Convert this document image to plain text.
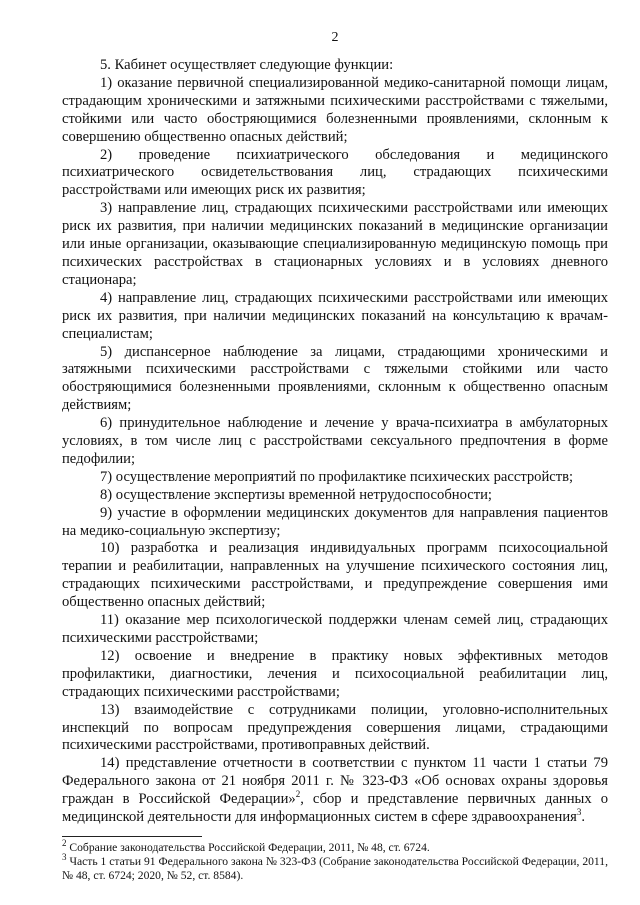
2

5. Кабинет осуществляет следующие функции:

1) оказание первичной специализированной медико-санитарной помощи лицам, страдающим хроническими и затяжными психическими расстройствами с тяжелыми, стойкими или часто обостряющимися болезненными проявлениями, склонным к совершению общественно опасных действий;

2) проведение психиатрического обследования и медицинского психиатрического освидетельствования лиц, страдающих психическими расстройствами или имеющих риск их развития;

3) направление лиц, страдающих психическими расстройствами или имеющих риск их развития, при наличии медицинских показаний в медицинские организации или иные организации, оказывающие специализированную медицинскую помощь при психических расстройствах в стационарных условиях и в условиях дневного стационара;

4) направление лиц, страдающих психическими расстройствами или имеющих риск их развития, при наличии медицинских показаний на консультацию к врачам-специалистам;

5) диспансерное наблюдение за лицами, страдающими хроническими и затяжными психическими расстройствами с тяжелыми стойкими или часто обостряющимися болезненными проявлениями, склонным к общественно опасным действиям;

6) принудительное наблюдение и лечение у врача-психиатра в амбулаторных условиях, в том числе лиц с расстройствами сексуального предпочтения в форме педофилии;

7) осуществление мероприятий по профилактике психических расстройств;

8) осуществление экспертизы временной нетрудоспособности;

9) участие в оформлении медицинских документов для направления пациентов на медико-социальную экспертизу;

10) разработка и реализация индивидуальных программ психосоциальной терапии и реабилитации, направленных на улучшение психического состояния лиц, страдающих психическими расстройствами, и предупреждение совершения ими общественно опасных действий;

11) оказание мер психологической поддержки членам семей лиц, страдающих психическими расстройствами;

12) освоение и внедрение в практику новых эффективных методов профилактики, диагностики, лечения и психосоциальной реабилитации лиц, страдающих психическими расстройствами;

13) взаимодействие с сотрудниками полиции, уголовно-исполнительных инспекций по вопросам предупреждения совершения лицами, страдающими психическими расстройствами, противоправных действий.

14) представление отчетности в соответствии с пунктом 11 части 1 статьи 79 Федерального закона от 21 ноября 2011 г. № 323-ФЗ «Об основах охраны здоровья граждан в Российской Федерации»$^2$, сбор и представление первичных данных о медицинской деятельности для информационных систем в сфере здравоохранения$^3$.

$^2$ Собрание законодательства Российской Федерации, 2011, № 48, ст. 6724.

$^3$ Часть 1 статьи 91 Федерального закона № 323-ФЗ (Собрание законодательства Российской Федерации, 2011, № 48, ст. 6724; 2020, № 52, ст. 8584).
